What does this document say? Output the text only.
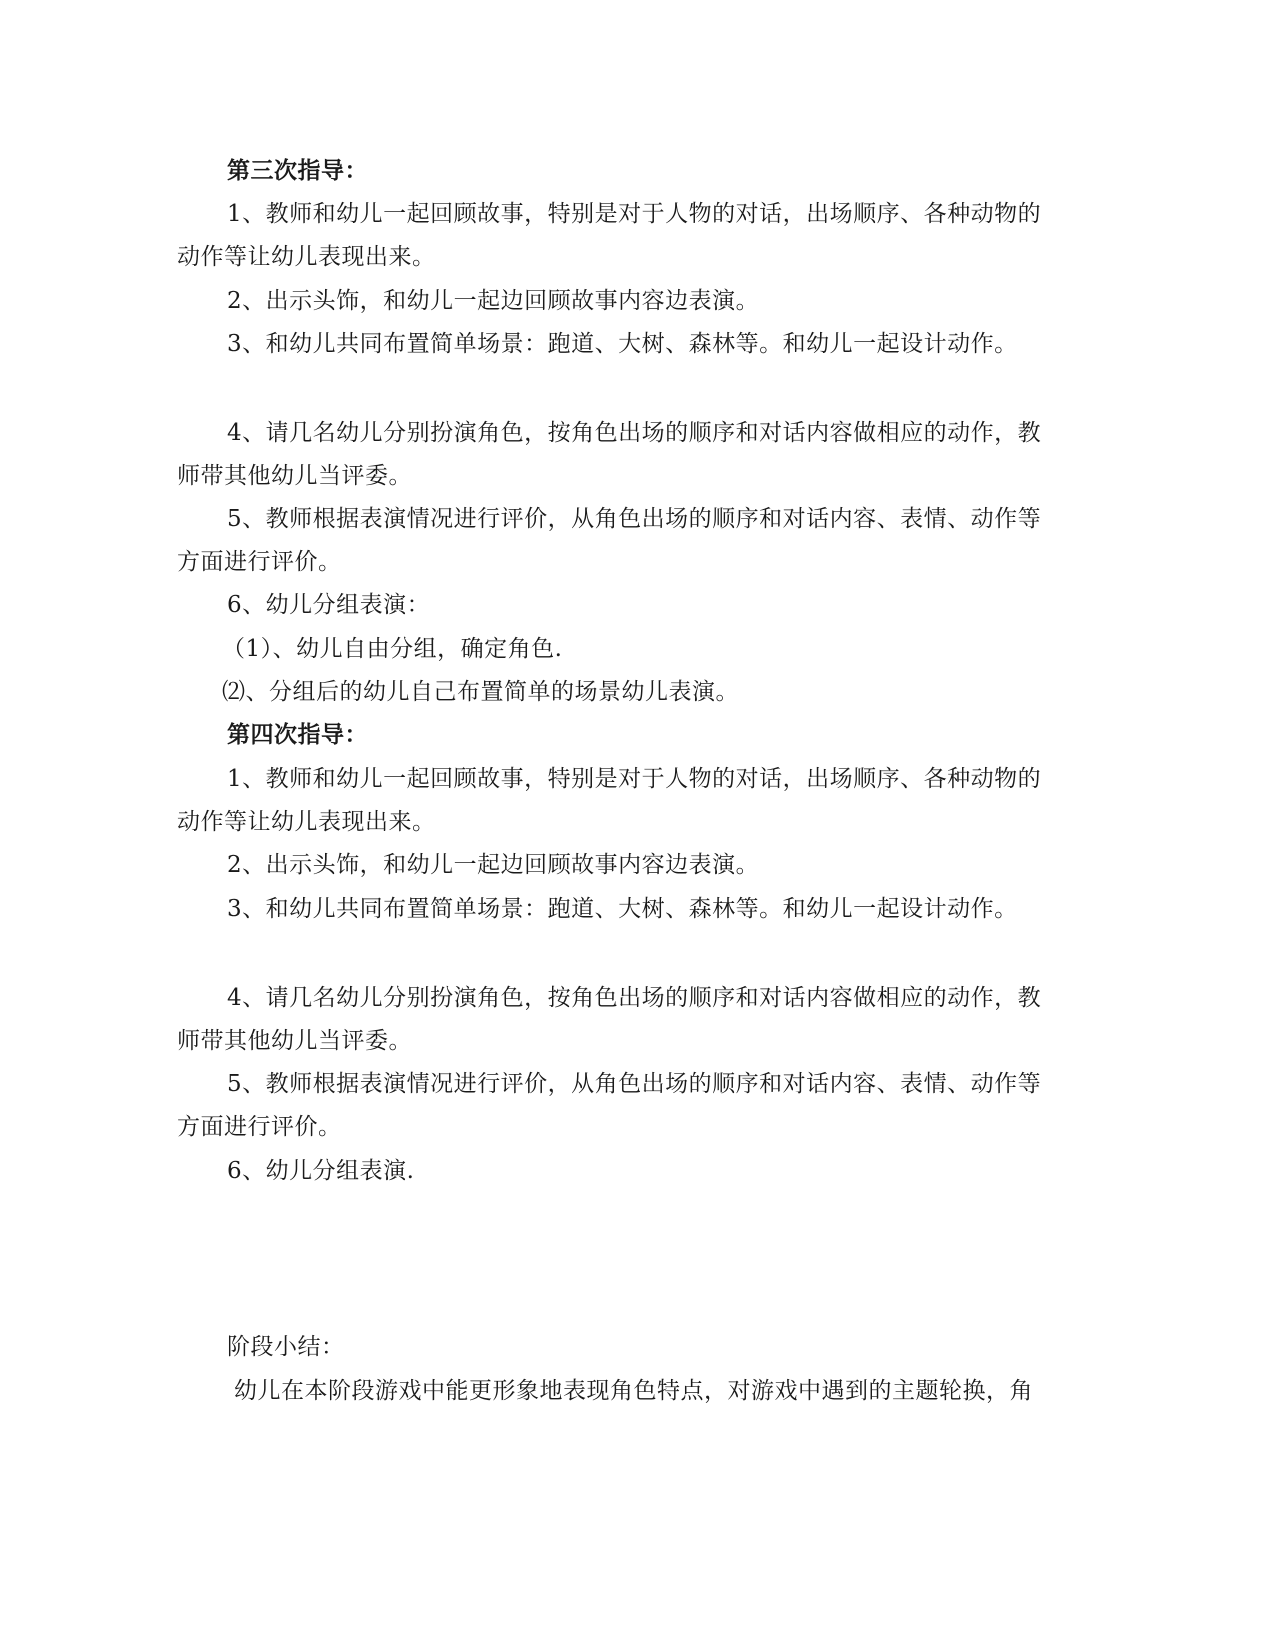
第三次指导：
1、教师和幼儿一起回顾故事，特别是对于人物的对话，出场顺序、各种动物的
动作等让幼儿表现出来。
2、出示头饰，和幼儿一起边回顾故事内容边表演。
3、和幼儿共同布置简单场景：跑道、大树、森林等。和幼儿一起设计动作。
4、请几名幼儿分别扮演角色，按角色出场的顺序和对话内容做相应的动作，教
师带其他幼儿当评委。
5、教师根据表演情况进行评价，从角色出场的顺序和对话内容、表情、动作等
方面进行评价。
6、幼儿分组表演：
（1）、幼儿自由分组，确定角色.
⑵、分组后的幼儿自己布置简单的场景幼儿表演。
第四次指导：
1、教师和幼儿一起回顾故事，特别是对于人物的对话，出场顺序、各种动物的
动作等让幼儿表现出来。
2、出示头饰，和幼儿一起边回顾故事内容边表演。
3、和幼儿共同布置简单场景：跑道、大树、森林等。和幼儿一起设计动作。
4、请几名幼儿分别扮演角色，按角色出场的顺序和对话内容做相应的动作，教
师带其他幼儿当评委。
5、教师根据表演情况进行评价，从角色出场的顺序和对话内容、表情、动作等
方面进行评价。
6、幼儿分组表演.
阶段小结：
幼儿在本阶段游戏中能更形象地表现角色特点，对游戏中遇到的主题轮换，角
